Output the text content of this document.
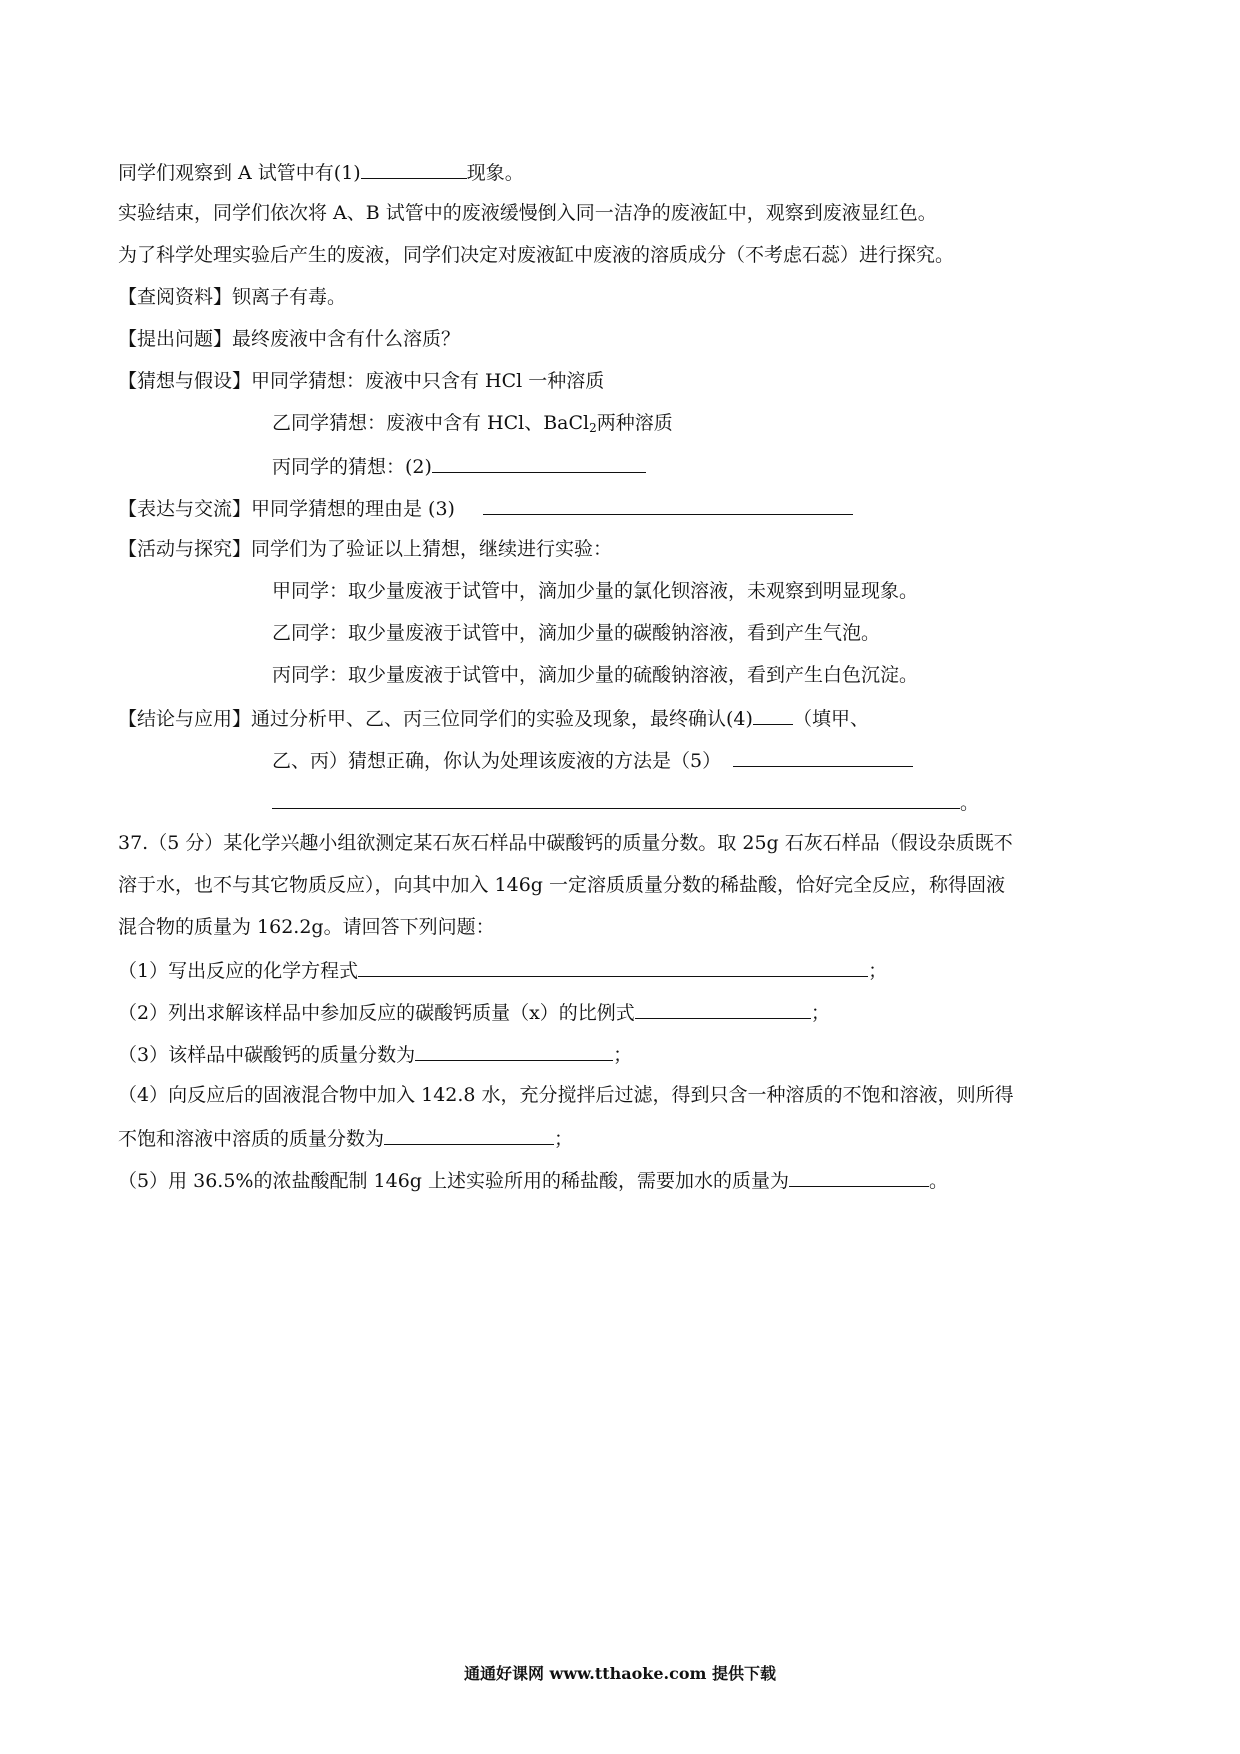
同学们观察到 A 试管中有(1)	现象。
实验结束，同学们依次将 A、B 试管中的废液缓慢倒入同一洁净的废液缸中，观察到废液显红色。
为了科学处理实验后产生的废液，同学们决定对废液缸中废液的溶质成分（不考虑石蕊）进行探究。
【查阅资料】钡离子有毒。
【提出问题】最终废液中含有什么溶质？
【猜想与假设】甲同学猜想：废液中只含有 HCl 一种溶质
乙同学猜想：废液中含有 HCl、BaCl$_2$两种溶质
丙同学的猜想：(2)
【表达与交流】甲同学猜想的理由是 (3)
【活动与探究】同学们为了验证以上猜想，继续进行实验：
甲同学：取少量废液于试管中，滴加少量的氯化钡溶液，未观察到明显现象。
乙同学：取少量废液于试管中，滴加少量的碳酸钠溶液，看到产生气泡。
丙同学：取少量废液于试管中，滴加少量的硫酸钠溶液，看到产生白色沉淀。
【结论与应用】通过分析甲、乙、丙三位同学们的实验及现象，最终确认(4) （填甲、
乙、丙）猜想正确，你认为处理该废液的方法是（5）
。
37.（5 分）某化学兴趣小组欲测定某石灰石样品中碳酸钙的质量分数。取 25g 石灰石样品（假设杂质既不
溶于水，也不与其它物质反应），向其中加入 146g 一定溶质质量分数的稀盐酸，恰好完全反应，称得固液
混合物的质量为 162.2g。请回答下列问题：
（1）写出反应的化学方程式	；
（2）列出求解该样品中参加反应的碳酸钙质量（x）的比例式	；
（3）该样品中碳酸钙的质量分数为	；
（4）向反应后的固液混合物中加入 142.8 水，充分搅拌后过滤，得到只含一种溶质的不饱和溶液，则所得
不饱和溶液中溶质的质量分数为	；
（5）用 36.5%的浓盐酸配制 146g 上述实验所用的稀盐酸，需要加水的质量为	。
通通好课网 www.tthaoke.com 提供下载
